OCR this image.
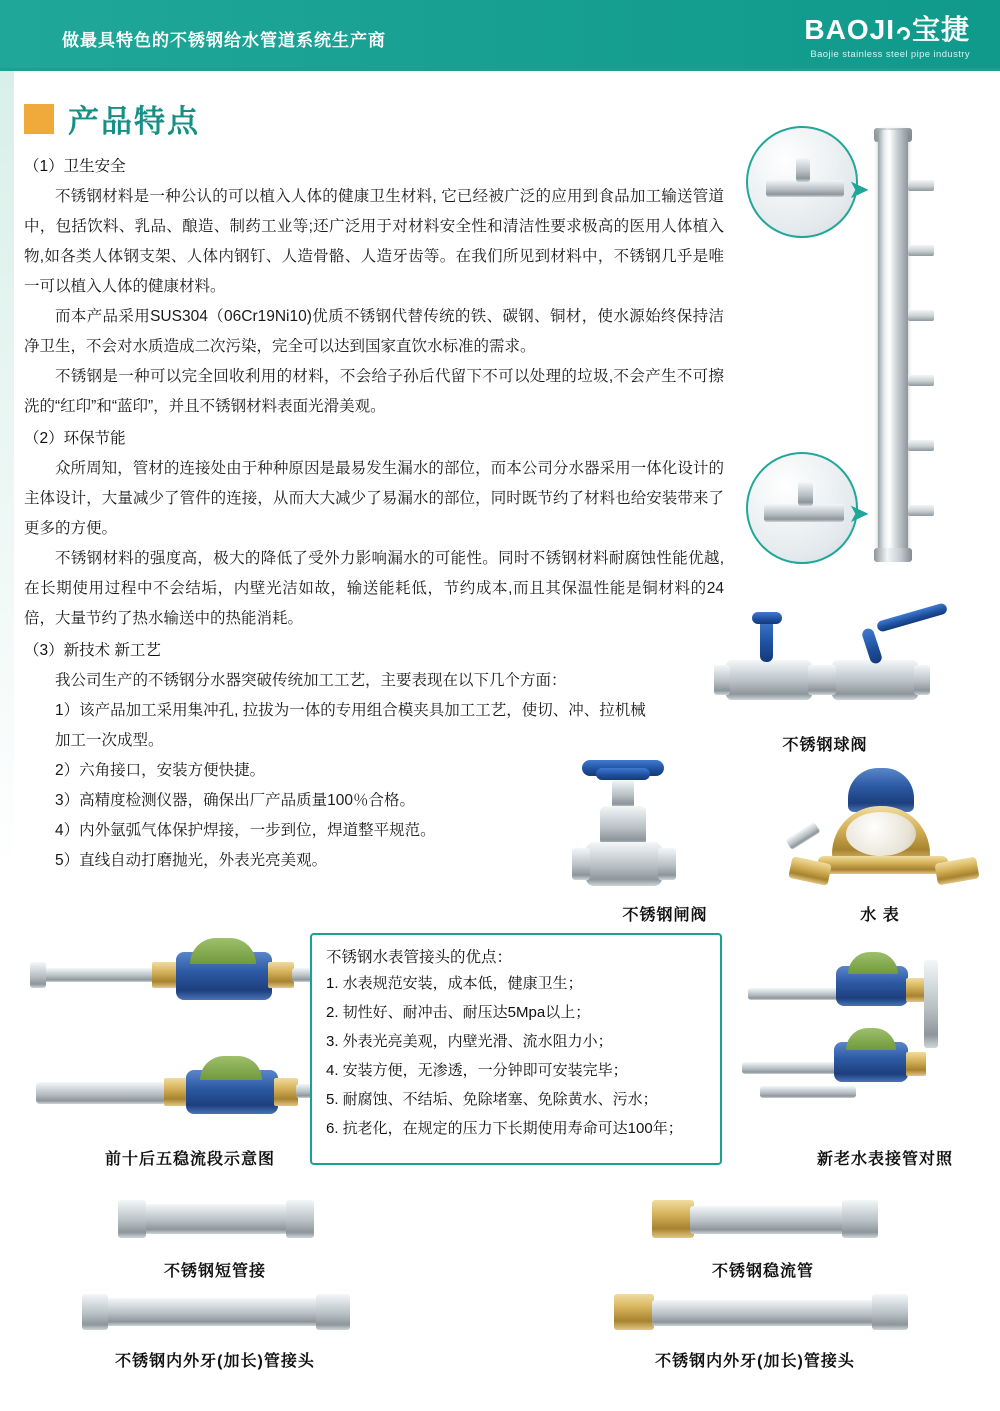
做最具特色的不锈钢给水管道系统生产商	BAOJI 宝捷
Baojie stainless steel pipe industry
产品特点

（1）卫生安全

不锈钢材料是一种公认的可以植入人体的健康卫生材料, 它已经被广泛的应用到食品加工输送管道中，包括饮料、乳品、酿造、制药工业等;还广泛用于对材料安全性和清洁性要求极高的医用人体植入物,如各类人体钢支架、人体内钢钉、人造骨骼、人造牙齿等。在我们所见到材料中，不锈钢几乎是唯一可以植入人体的健康材料。

而本产品采用SUS304（06Cr19Ni10)优质不锈钢代替传统的铁、碳钢、铜材，使水源始终保持洁净卫生，不会对水质造成二次污染，完全可以达到国家直饮水标准的需求。

不锈钢是一种可以完全回收利用的材料，不会给子孙后代留下不可以处理的垃圾,不会产生不可擦洗的“红印”和“蓝印”，并且不锈钢材料表面光滑美观。

（2）环保节能

众所周知，管材的连接处由于种种原因是最易发生漏水的部位，而本公司分水器采用一体化设计的主体设计，大量减少了管件的连接，从而大大减少了易漏水的部位，同时既节约了材料也给安装带来了更多的方便。

不锈钢材料的强度高，极大的降低了受外力影响漏水的可能性。同时不锈钢材料耐腐蚀性能优越,在长期使用过程中不会结垢，内壁光洁如故，输送能耗低，节约成本,而且其保温性能是铜材料的24倍，大量节约了热水输送中的热能消耗。

（3）新技术 新工艺

我公司生产的不锈钢分水器突破传统加工工艺，主要表现在以下几个方面：

1）该产品加工采用集冲孔, 拉拔为一体的专用组合模夹具加工工艺，使切、冲、拉机械

加工一次成型。

2）六角接口，安装方便快捷。

3）高精度检测仪器，确保出厂产品质量100％合格。

4）内外氩弧气体保护焊接，一步到位，焊道整平规范。

5）直线自动打磨抛光，外表光亮美观。

➤
➤
不锈钢球阀
不锈钢闸阀	水 表
前十后五稳流段示意图
不锈钢水表管接头的优点：
1. 水表规范安装，成本低，健康卫生；
2. 韧性好、耐冲击、耐压达5Mpa以上；
3. 外表光亮美观，内壁光滑、流水阻力小；
4. 安装方便，无渗透，一分钟即可安装完毕；
5. 耐腐蚀、不结垢、免除堵塞、免除黄水、污水；
6. 抗老化，在规定的压力下长期使用寿命可达100年；
新老水表接管对照
不锈钢短管接	不锈钢稳流管
不锈钢内外牙(加长)管接头	不锈钢内外牙(加长)管接头
